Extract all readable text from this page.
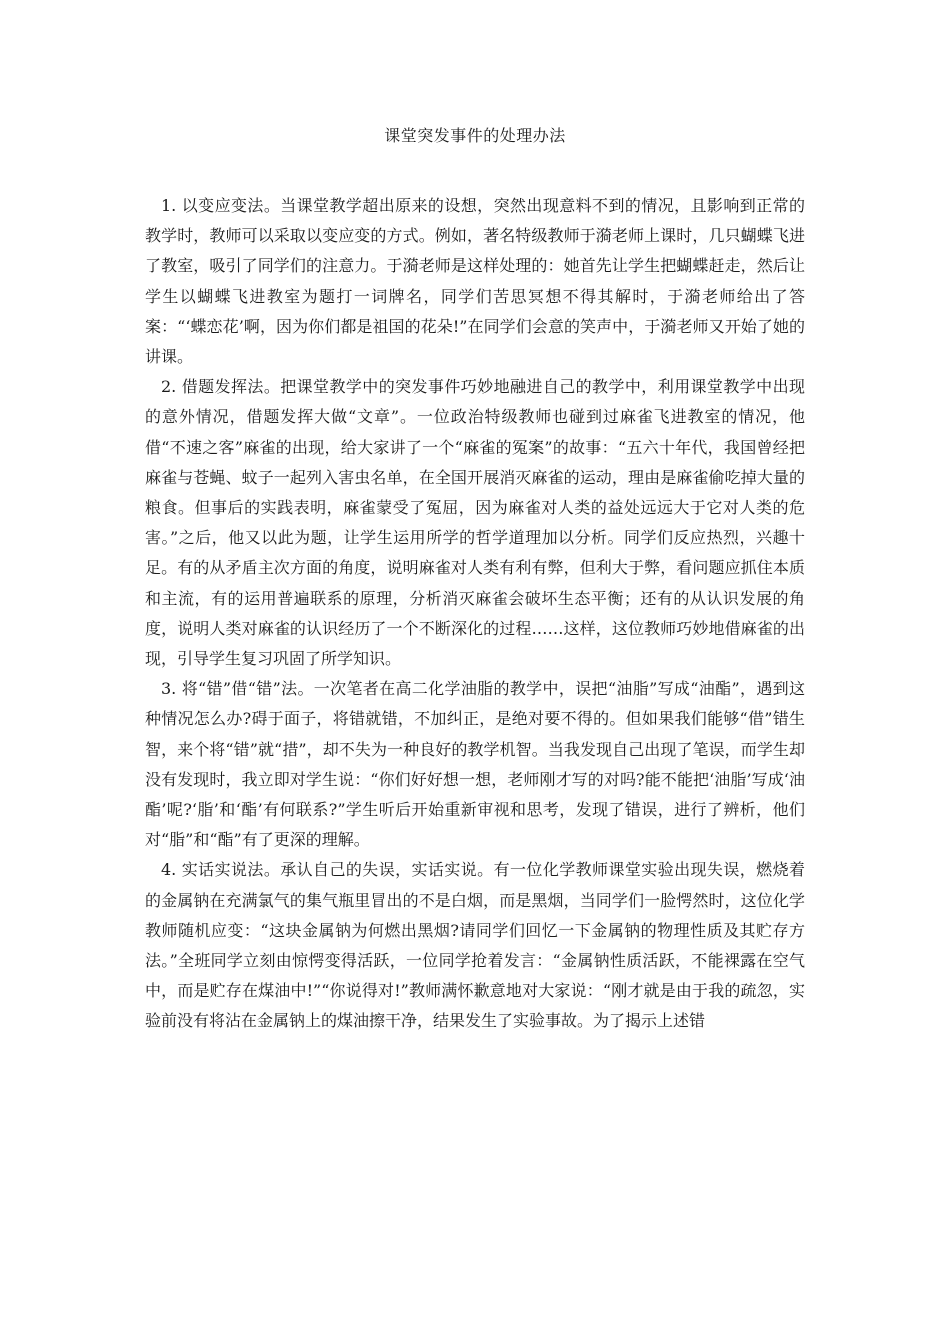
课堂突发事件的处理办法

1. 以变应变法。当课堂教学超出原来的设想，突然出现意料不到的情况，且影响到正常的教学时，教师可以采取以变应变的方式。例如，著名特级教师于漪老师上课时，几只蝴蝶飞进了教室，吸引了同学们的注意力。于漪老师是这样处理的：她首先让学生把蝴蝶赶走，然后让学生以蝴蝶飞进教室为题打一词牌名，同学们苦思冥想不得其解时，于漪老师给出了答案：“‘蝶恋花’啊，因为你们都是祖国的花朵!”在同学们会意的笑声中，于漪老师又开始了她的讲课。

2. 借题发挥法。把课堂教学中的突发事件巧妙地融进自己的教学中，利用课堂教学中出现的意外情况，借题发挥大做“文章”。一位政治特级教师也碰到过麻雀飞进教室的情况，他借“不速之客”麻雀的出现，给大家讲了一个“麻雀的冤案”的故事：“五六十年代，我国曾经把麻雀与苍蝇、蚊子一起列入害虫名单，在全国开展消灭麻雀的运动，理由是麻雀偷吃掉大量的粮食。但事后的实践表明，麻雀蒙受了冤屈，因为麻雀对人类的益处远远大于它对人类的危害。”之后，他又以此为题，让学生运用所学的哲学道理加以分析。同学们反应热烈，兴趣十足。有的从矛盾主次方面的角度，说明麻雀对人类有利有弊，但利大于弊，看问题应抓住本质和主流，有的运用普遍联系的原理，分析消灭麻雀会破坏生态平衡；还有的从认识发展的角度，说明人类对麻雀的认识经历了一个不断深化的过程……这样，这位教师巧妙地借麻雀的出现，引导学生复习巩固了所学知识。

3. 将“错”借“错”法。一次笔者在高二化学油脂的教学中，误把“油脂”写成“油酯”，遇到这种情况怎么办?碍于面子，将错就错，不加纠正，是绝对要不得的。但如果我们能够“借”错生智，来个将“错”就“措”，却不失为一种良好的教学机智。当我发现自己出现了笔误，而学生却没有发现时，我立即对学生说：“你们好好想一想，老师刚才写的对吗?能不能把‘油脂’写成‘油酯’呢?‘脂’和‘酯’有何联系?”学生听后开始重新审视和思考，发现了错误，进行了辨析，他们对“脂”和“酯”有了更深的理解。

4. 实话实说法。承认自己的失误，实话实说。有一位化学教师课堂实验出现失误，燃烧着的金属钠在充满氯气的集气瓶里冒出的不是白烟，而是黑烟，当同学们一脸愕然时，这位化学教师随机应变：“这块金属钠为何燃出黑烟?请同学们回忆一下金属钠的物理性质及其贮存方法。”全班同学立刻由惊愕变得活跃，一位同学抢着发言：“金属钠性质活跃，不能裸露在空气中，而是贮存在煤油中!”“你说得对!”教师满怀歉意地对大家说：“刚才就是由于我的疏忽，实验前没有将沾在金属钠上的煤油擦干净，结果发生了实验事故。为了揭示上述错
